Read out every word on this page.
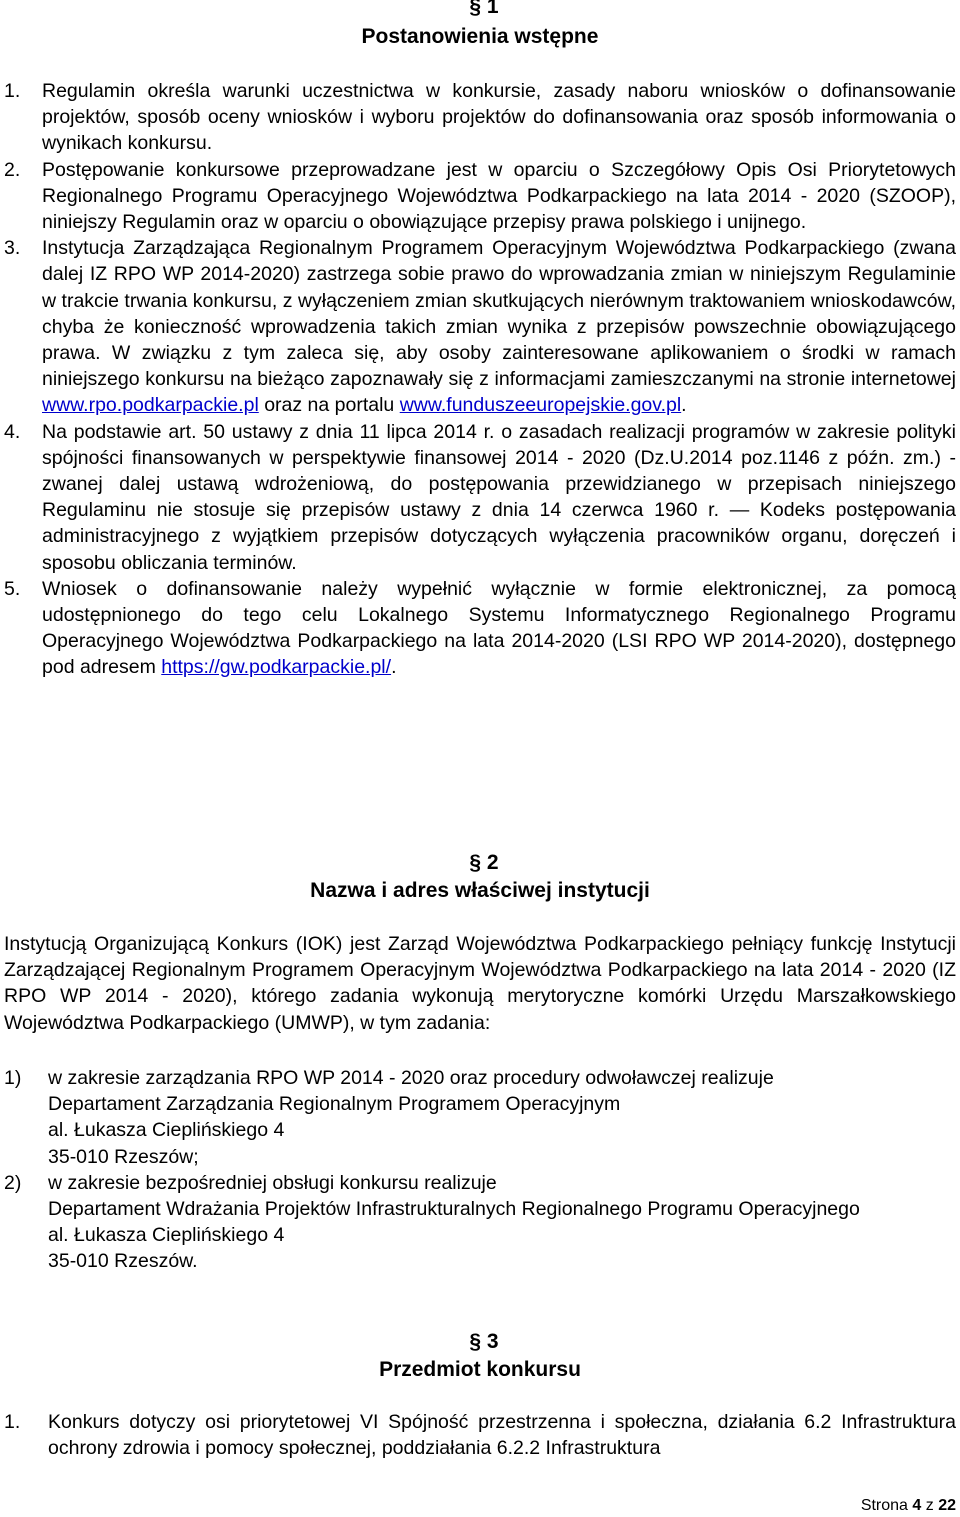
§ 1
Postanowienia wstępne
1. Regulamin określa warunki uczestnictwa w konkursie, zasady naboru wniosków o dofinansowanie projektów, sposób oceny wniosków i wyboru projektów do dofinansowania oraz sposób informowania o wynikach konkursu.
2. Postępowanie konkursowe przeprowadzane jest w oparciu o Szczegółowy Opis Osi Priorytetowych Regionalnego Programu Operacyjnego Województwa Podkarpackiego na lata 2014 - 2020 (SZOOP), niniejszy Regulamin oraz w oparciu o obowiązujące przepisy prawa polskiego i unijnego.
3. Instytucja Zarządzająca Regionalnym Programem Operacyjnym Województwa Podkarpackiego (zwana dalej IZ RPO WP 2014-2020) zastrzega sobie prawo do wprowadzania zmian w niniejszym Regulaminie w trakcie trwania konkursu, z wyłączeniem zmian skutkujących nierównym traktowaniem wnioskodawców, chyba że konieczność wprowadzenia takich zmian wynika z przepisów powszechnie obowiązującego prawa. W związku z tym zaleca się, aby osoby zainteresowane aplikowaniem o środki w ramach niniejszego konkursu na bieżąco zapoznawały się z informacjami zamieszczanymi na stronie internetowej www.rpo.podkarpackie.pl oraz na portalu www.funduszeeuropejskie.gov.pl.
4. Na podstawie art. 50 ustawy z dnia 11 lipca 2014 r. o zasadach realizacji programów w zakresie polityki spójności finansowanych w perspektywie finansowej 2014 - 2020 (Dz.U.2014 poz.1146 z późn. zm.) - zwanej dalej ustawą wdrożeniową, do postępowania przewidzianego w przepisach niniejszego Regulaminu nie stosuje się przepisów ustawy z dnia 14 czerwca 1960 r. — Kodeks postępowania administracyjnego z wyjątkiem przepisów dotyczących wyłączenia pracowników organu, doręczeń i sposobu obliczania terminów.
5. Wniosek o dofinansowanie należy wypełnić wyłącznie w formie elektronicznej, za pomocą udostępnionego do tego celu Lokalnego Systemu Informatycznego Regionalnego Programu Operacyjnego Województwa Podkarpackiego na lata 2014-2020 (LSI RPO WP 2014-2020), dostępnego pod adresem https://gw.podkarpackie.pl/.
§ 2
Nazwa i adres właściwej instytucji
Instytucją Organizującą Konkurs (IOK) jest Zarząd Województwa Podkarpackiego pełniący funkcję Instytucji Zarządzającej Regionalnym Programem Operacyjnym Województwa Podkarpackiego na lata 2014 - 2020 (IZ RPO WP 2014 - 2020), którego zadania wykonują merytoryczne komórki Urzędu Marszałkowskiego Województwa Podkarpackiego (UMWP), w tym zadania:
1) w zakresie zarządzania RPO WP 2014 - 2020 oraz procedury odwoławczej realizuje
Departament Zarządzania Regionalnym Programem Operacyjnym
al. Łukasza Cieplińskiego 4
35-010 Rzeszów;
2) w zakresie bezpośredniej obsługi konkursu realizuje
Departament Wdrażania Projektów Infrastrukturalnych Regionalnego Programu Operacyjnego
al. Łukasza Cieplińskiego 4
35-010 Rzeszów.
§ 3
Przedmiot konkursu
1. Konkurs dotyczy osi priorytetowej VI Spójność przestrzenna i społeczna, działania 6.2 Infrastruktura ochrony zdrowia i pomocy społecznej, poddziałania 6.2.2 Infrastruktura
Strona 4 z 22
